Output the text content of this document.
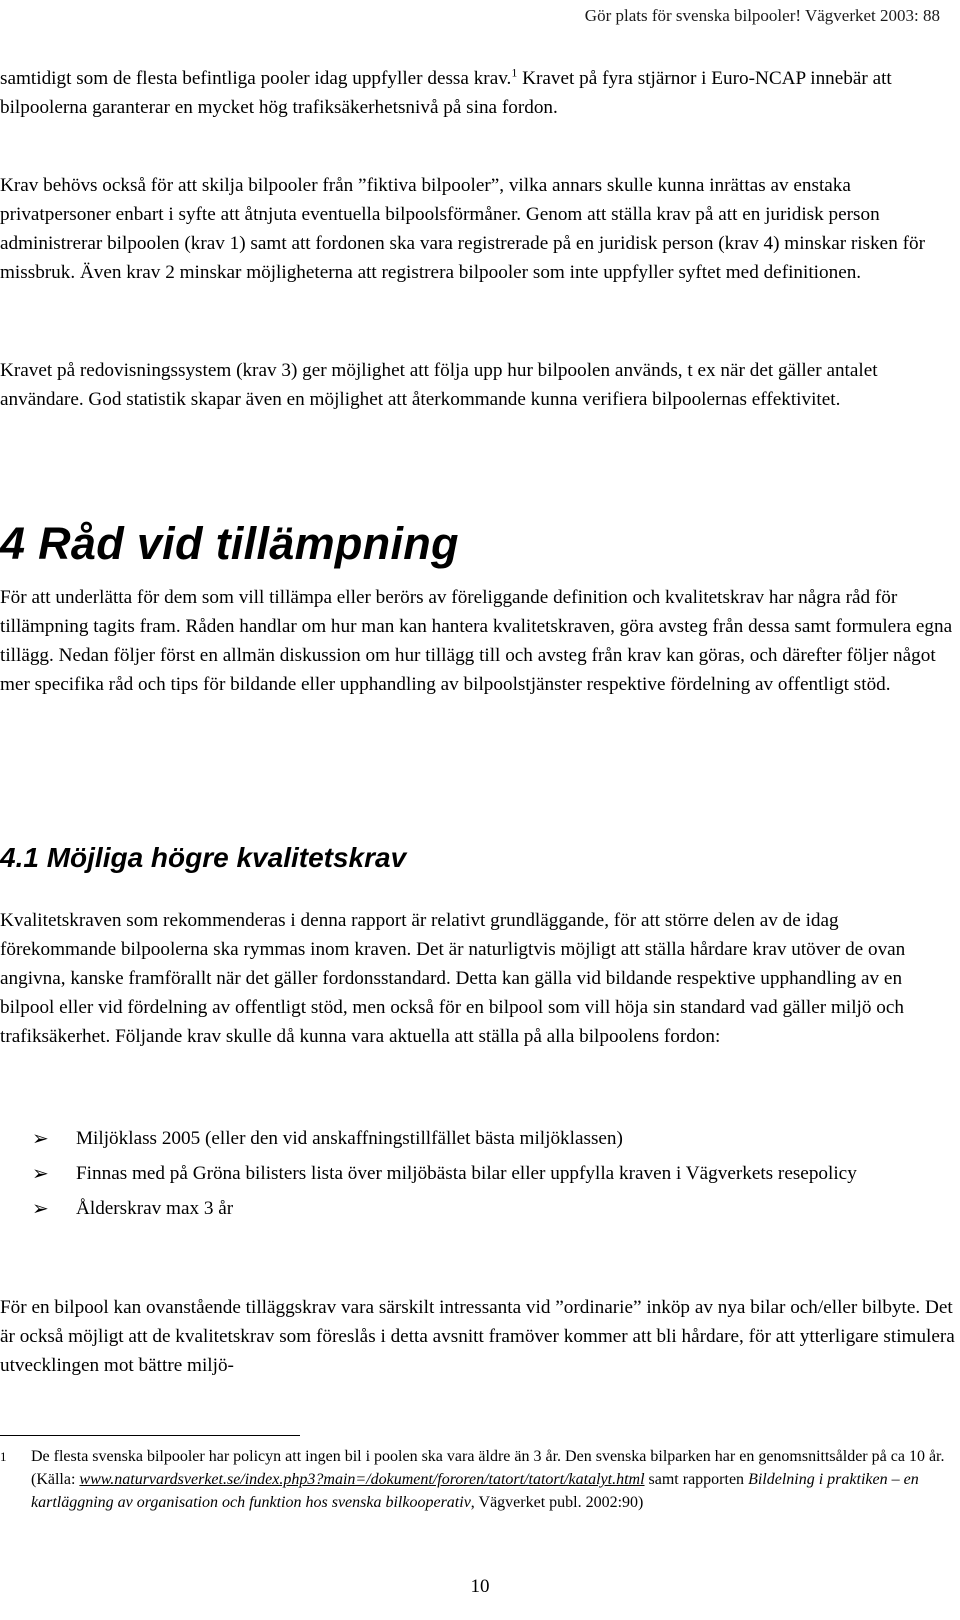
Gör plats för svenska bilpooler! Vägverket 2003: 88

samtidigt som de flesta befintliga pooler idag uppfyller dessa krav.$^1$ Kravet på fyra stjärnor i Euro-NCAP innebär att bilpoolerna garanterar en mycket hög trafiksäkerhetsnivå på sina fordon.

Krav behövs också för att skilja bilpooler från ”fiktiva bilpooler”, vilka annars skulle kunna inrättas av enstaka privatpersoner enbart i syfte att åtnjuta eventuella bilpoolsförmåner. Genom att ställa krav på att en juridisk person administrerar bilpoolen (krav 1) samt att fordonen ska vara registrerade på en juridisk person (krav 4) minskar risken för missbruk. Även krav 2 minskar möjligheterna att registrera bilpooler som inte uppfyller syftet med definitionen.

Kravet på redovisningssystem (krav 3) ger möjlighet att följa upp hur bilpoolen används, t ex när det gäller antalet användare. God statistik skapar även en möjlighet att återkommande kunna verifiera bilpoolernas effektivitet.

4 Råd vid tillämpning

För att underlätta för dem som vill tillämpa eller berörs av föreliggande definition och kvalitetskrav har några råd för tillämpning tagits fram. Råden handlar om hur man kan hantera kvalitetskraven, göra avsteg från dessa samt formulera egna tillägg. Nedan följer först en allmän diskussion om hur tillägg till och avsteg från krav kan göras, och därefter följer något mer specifika råd och tips för bildande eller upphandling av bilpoolstjänster respektive fördelning av offentligt stöd.

4.1 Möjliga högre kvalitetskrav

Kvalitetskraven som rekommenderas i denna rapport är relativt grundläggande, för att större delen av de idag förekommande bilpoolerna ska rymmas inom kraven. Det är naturligtvis möjligt att ställa hårdare krav utöver de ovan angivna, kanske framförallt när det gäller fordonsstandard. Detta kan gälla vid bildande respektive upphandling av en bilpool eller vid fördelning av offentligt stöd, men också för en bilpool som vill höja sin standard vad gäller miljö och trafiksäkerhet. Följande krav skulle då kunna vara aktuella att ställa på alla bilpoolens fordon:

➢ Miljöklass 2005 (eller den vid anskaffningstillfället bästa miljöklassen)
➢ Finnas med på Gröna bilisters lista över miljöbästa bilar eller uppfylla kraven i Vägverkets resepolicy
➢ Ålderskrav max 3 år

För en bilpool kan ovanstående tilläggskrav vara särskilt intressanta vid ”ordinarie” inköp av nya bilar och/eller bilbyte. Det är också möjligt att de kvalitetskrav som föreslås i detta avsnitt framöver kommer att bli hårdare, för att ytterligare stimulera utvecklingen mot bättre miljö-

1 De flesta svenska bilpooler har policyn att ingen bil i poolen ska vara äldre än 3 år. Den svenska bilparken har en genomsnittsålder på ca 10 år. (Källa: www.naturvardsverket.se/index.php3?main=/dokument/fororen/tatort/tatort/katalyt.html samt rapporten Bildelning i praktiken – en kartläggning av organisation och funktion hos svenska bilkooperativ, Vägverket publ. 2002:90)
10
